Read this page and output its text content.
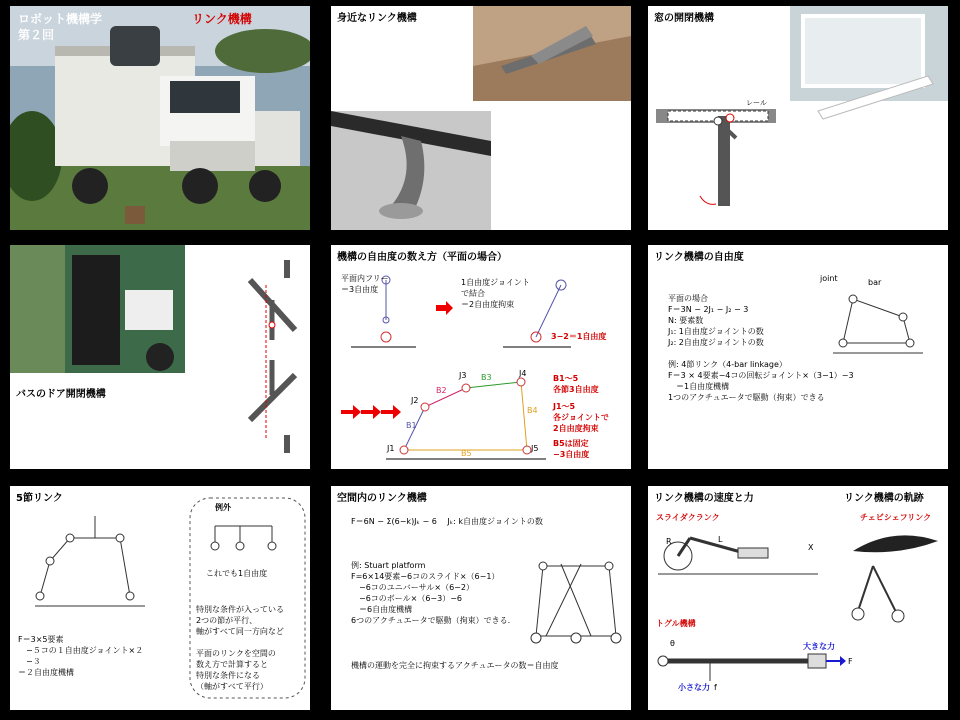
ロボット機構学
第２回
リンク機構	身近なリンク機構	窓の開閉機構
レール
バスのドア開閉機構
機構の自由度の数え方（平面の場合）
平面内フリー
＝3自由度
1自由度ジョイント
で結合
＝2自由度拘束
3−2＝1自由度
J1
J2
J3	J4
J5
B1
B2
B3
B4
B5
B1〜5
各節3自由度
J1〜5
各ジョイントで
2自由度拘束
B5は固定
−3自由度
リンク機構の自由度
joint	bar
平面の場合
F＝3N − 2J₁ − J₂ − 3
N: 要素数
J₁: 1自由度ジョイントの数
J₂: 2自由度ジョイントの数

例: 4節リンク（4-bar linkage）
F＝3 × 4要素−4コの回転ジョイント×（3−1）−3
　＝1自由度機構
1つのアクチュエータで駆動（拘束）できる
5節リンク
例外
これでも1自由度
特別な条件が入っている
2つの節が平行、
軸がすべて同一方向など

平面のリンクを空間の
数え方で計算すると
特別な条件になる
（軸がすべて平行）
F＝3×5要素
　−５コの１自由度ジョイント×２
　−３
＝２自由度機構
空間内のリンク機構
F＝6N − Σ(6−k)Jₖ − 6　 Jₖ: k自由度ジョイントの数
例: Stuart platform
F=6×14要素−6コのスライド×（6−1）
　−6コのユニバーサル×（6−2）
　−6コのボール×（6−3）−6
　＝6自由度機構
6つのアクチュエータで駆動（拘束）できる.
機構の運動を完全に拘束するアクチュエータの数＝自由度
リンク機構の速度と力	リンク機構の軌跡
スライダクランク	チェビシェフリンク
トグル機構
大きな力
小さな力
F
f
X
L
R
θ
